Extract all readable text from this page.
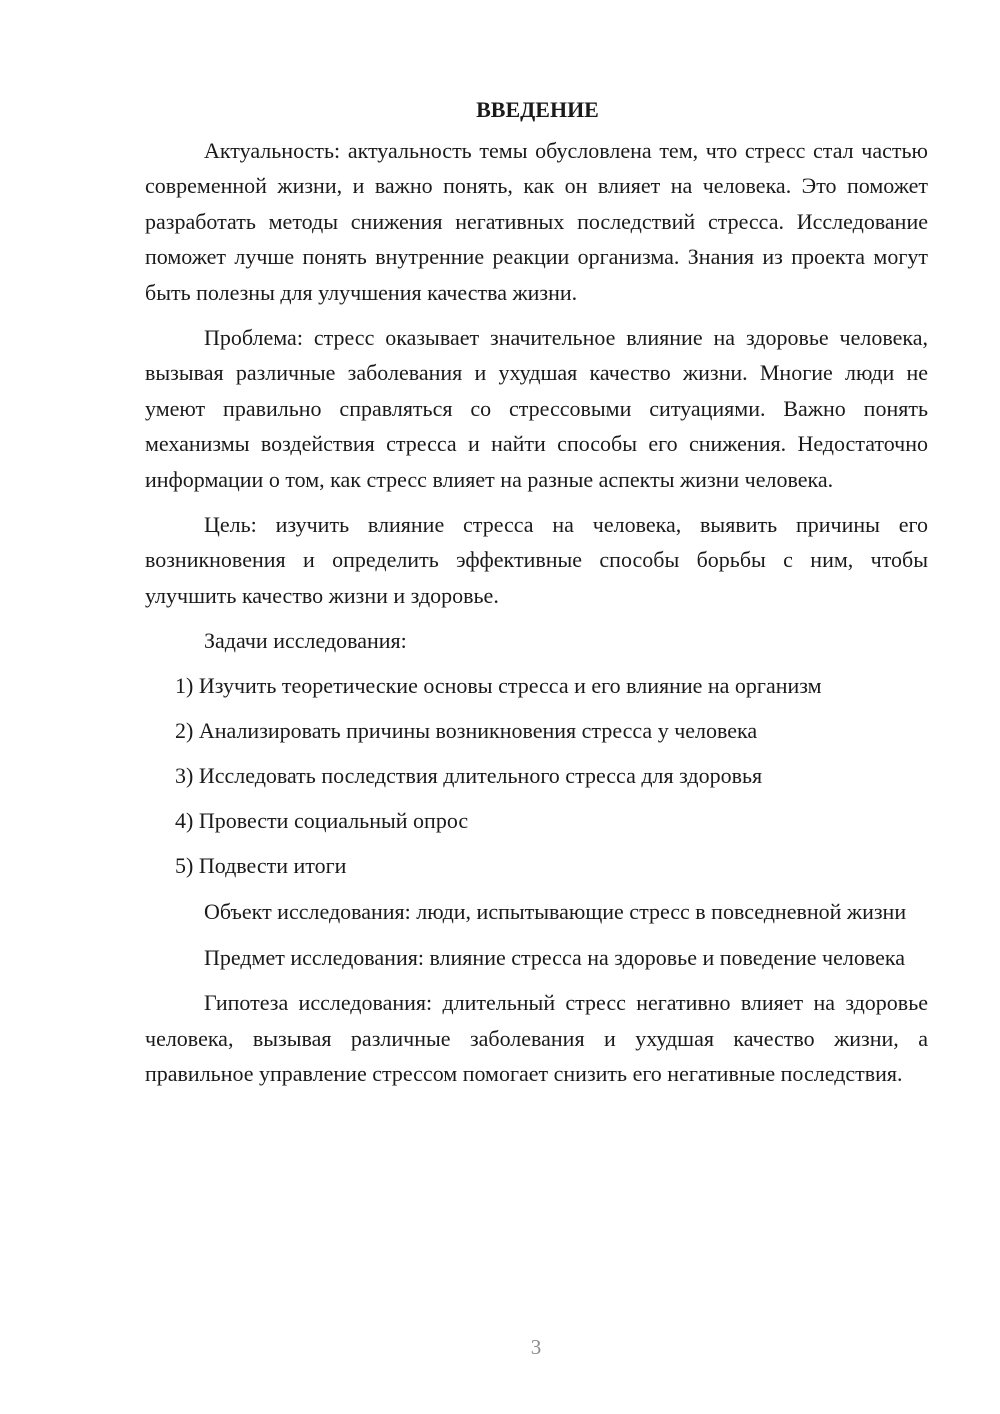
ВВЕДЕНИЕ

Актуальность: актуальность темы обусловлена тем, что стресс стал частью современной жизни, и важно понять, как он влияет на человека. Это поможет разработать методы снижения негативных последствий стресса. Исследование поможет лучше понять внутренние реакции организма. Знания из проекта могут быть полезны для улучшения качества жизни.

Проблема: стресс оказывает значительное влияние на здоровье человека, вызывая различные заболевания и ухудшая качество жизни. Многие люди не умеют правильно справляться со стрессовыми ситуациями. Важно понять механизмы воздействия стресса и найти способы его снижения. Недостаточно информации о том, как стресс влияет на разные аспекты жизни человека.

Цель: изучить влияние стресса на человека, выявить причины его возникновения и определить эффективные способы борьбы с ним, чтобы улучшить качество жизни и здоровье.

Задачи исследования:

1) Изучить теоретические основы стресса и его влияние на организм

2) Анализировать причины возникновения стресса у человека

3) Исследовать последствия длительного стресса для здоровья

4) Провести социальный опрос

5) Подвести итоги

Объект исследования: люди, испытывающие стресс в повседневной жизни

Предмет исследования: влияние стресса на здоровье и поведение человека

Гипотеза исследования: длительный стресс негативно влияет на здоровье человека, вызывая различные заболевания и ухудшая качество жизни, а правильное управление стрессом помогает снизить его негативные последствия.

3
